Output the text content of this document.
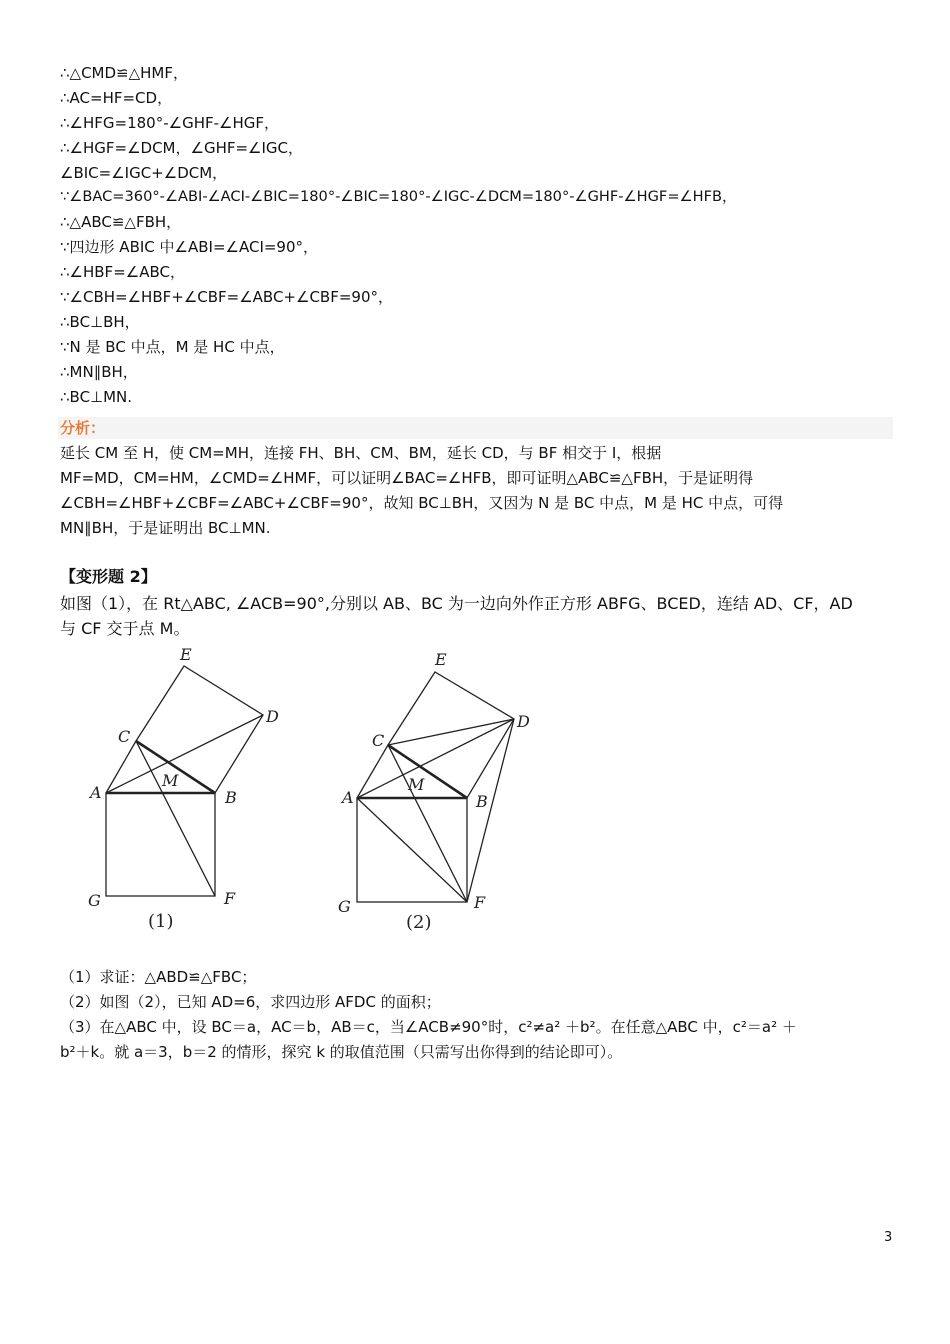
∴△CMD≌△HMF，
∴AC=HF=CD，
∴∠HFG=180°-∠GHF-∠HGF，
∴∠HGF=∠DCM，∠GHF=∠IGC，
∠BIC=∠IGC+∠DCM，
∵∠BAC=360°-∠ABI-∠ACI-∠BIC=180°-∠BIC=180°-∠IGC-∠DCM=180°-∠GHF-∠HGF=∠HFB，
∴△ABC≌△FBH，
∵四边形 ABIC 中∠ABI=∠ACI=90°，
∴∠HBF=∠ABC，
∵∠CBH=∠HBF+∠CBF=∠ABC+∠CBF=90°，
∴BC⊥BH，
∵N 是 BC 中点，M 是 HC 中点，
∴MN∥BH，
∴BC⊥MN.
分析：
延长 CM 至 H，使 CM=MH，连接 FH、BH、CM、BM，延长 CD，与 BF 相交于 I，根据
MF=MD，CM=HM，∠CMD=∠HMF，可以证明∠BAC=∠HFB，即可证明△ABC≌△FBH，于是证明得
∠CBH=∠HBF+∠CBF=∠ABC+∠CBF=90°，故知 BC⊥BH，又因为 N 是 BC 中点，M 是 HC 中点，可得
MN∥BH，于是证明出 BC⊥MN.
【变形题 2】
如图（1），在 Rt△ABC, ∠ACB=90°,分别以 AB、BC 为一边向外作正方形 ABFG、BCED，连结 AD、CF，AD
与 CF 交于点 M。
E
D
C
M
A	B
G	F
(1)
E
D
C
M
A	B
G	F
(2)
（1）求证：△ABD≌△FBC；
（2）如图（2），已知 AD=6，求四边形 AFDC 的面积；
（3）在△ABC 中，设 BC＝a，AC＝b，AB＝c，当∠ACB≠90°时，c²≠a² ＋b²。在任意△ABC 中，c²＝a² ＋
b²＋k。就 a＝3，b＝2 的情形，探究 k 的取值范围（只需写出你得到的结论即可）。
3
